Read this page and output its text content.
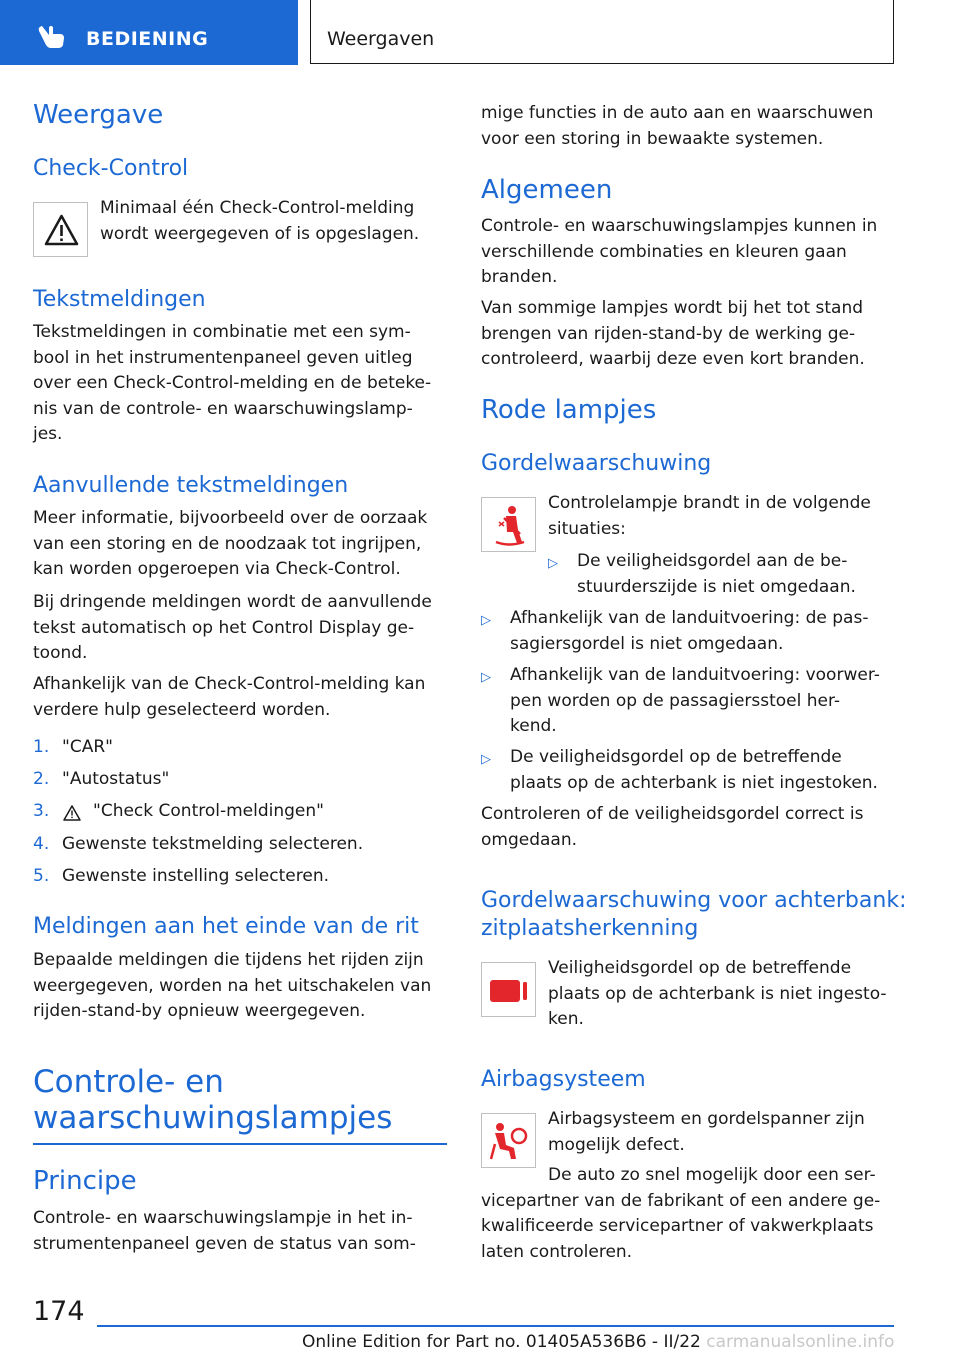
BEDIENING	Weergaven
Weergave
Check-Control
Minimaal één Check-Control-melding
wordt weergegeven of is opgeslagen.
Tekstmeldingen
Tekstmeldingen in combinatie met een sym-
bool in het instrumentenpaneel geven uitleg
over een Check-Control-melding en de beteke-
nis van de controle- en waarschuwingslamp-
jes.
Aanvullende tekstmeldingen
Meer informatie, bijvoorbeeld over de oorzaak
van een storing en de noodzaak tot ingrijpen,
kan worden opgeroepen via Check-Control.
Bij dringende meldingen wordt de aanvullende
tekst automatisch op het Control Display ge-
toond.
Afhankelijk van de Check-Control-melding kan
verdere hulp geselecteerd worden.
1. "CAR"
2. "Autostatus"
3.	"Check Control-meldingen"
4. Gewenste tekstmelding selecteren.
5. Gewenste instelling selecteren.
Meldingen aan het einde van de rit
Bepaalde meldingen die tijdens het rijden zijn
weergegeven, worden na het uitschakelen van
rijden-stand-by opnieuw weergegeven.
Controle- en
waarschuwingslampjes
Principe
Controle- en waarschuwingslampje in het in-
strumentenpaneel geven de status van som-
mige functies in de auto aan en waarschuwen
voor een storing in bewaakte systemen.
Algemeen
Controle- en waarschuwingslampjes kunnen in
verschillende combinaties en kleuren gaan
branden.
Van sommige lampjes wordt bij het tot stand
brengen van rijden-stand-by de werking ge-
controleerd, waarbij deze even kort branden.
Rode lampjes
Gordelwaarschuwing
Controlelampje brandt in de volgende
situaties:
▷ De veiligheidsgordel aan de be-
stuurderszijde is niet omgedaan.
▷ Afhankelijk van de landuitvoering: de pas-
sagiersgordel is niet omgedaan.
▷ Afhankelijk van de landuitvoering: voorwer-
pen worden op de passagiersstoel her-
kend.
▷ De veiligheidsgordel op de betreffende
plaats op de achterbank is niet ingestoken.
Controleren of de veiligheidsgordel correct is
omgedaan.
Gordelwaarschuwing voor achterbank:
zitplaatsherkenning
Veiligheidsgordel op de betreffende
plaats op de achterbank is niet ingesto-
ken.
Airbagsysteem
Airbagsysteem en gordelspanner zijn
mogelijk defect.
De auto zo snel mogelijk door een ser-
vicepartner van de fabrikant of een andere ge-
kwalificeerde servicepartner of vakwerkplaats
laten controleren.
174
Online Edition for Part no. 01405A536B6 - II/22 carmanualsonline.info
